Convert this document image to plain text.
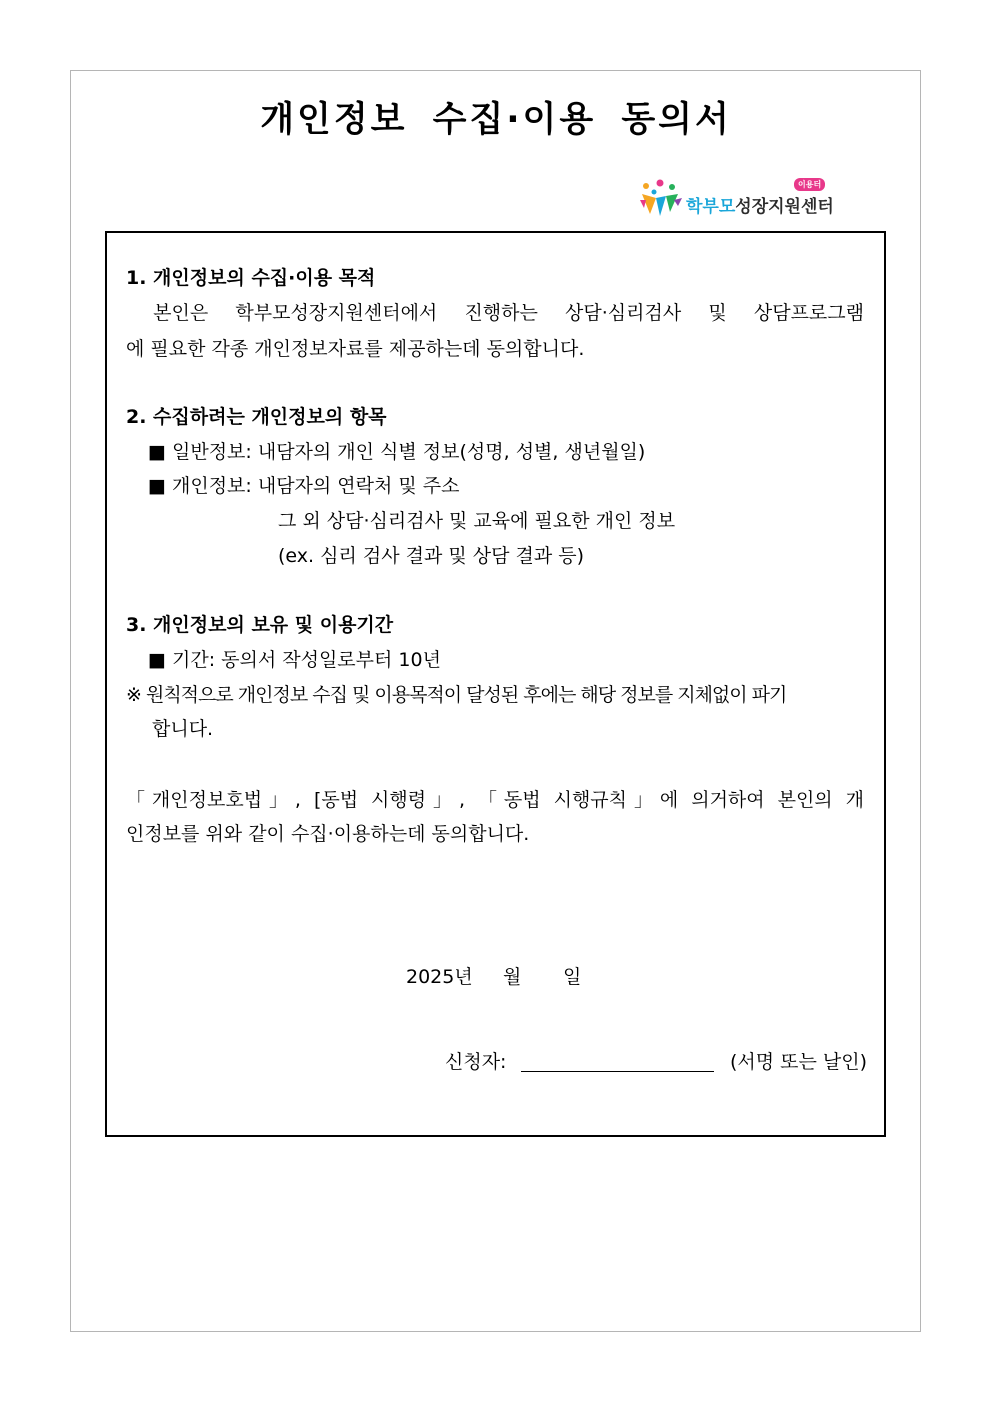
개인정보 수집·이용 동의서
학부모성장지원센터
이용터
1. 개인정보의 수집·이용 목적
본인은 학부모성장지원센터에서 진행하는 상담·심리검사 및 상담프로그램
에 필요한 각종 개인정보자료를 제공하는데 동의합니다.
2. 수집하려는 개인정보의 항목
■ 일반정보: 내담자의 개인 식별 정보(성명, 성별, 생년월일)
■ 개인정보: 내담자의 연락처 및 주소
그 외 상담·심리검사 및 교육에 필요한 개인 정보
(ex. 심리 검사 결과 및 상담 결과 등)
3. 개인정보의 보유 및 이용기간
■ 기간: 동의서 작성일로부터 10년
※ 원칙적으로 개인정보 수집 및 이용목적이 달성된 후에는 해당 정보를 지체없이 파기
합니다.
「개인정보호법」, [동법 시행령」, 「동법 시행규칙」에 의거하여 본인의 개
인정보를 위와 같이 수집·이용하는데 동의합니다.
2025년 월 일
신청자:	(서명 또는 날인)
